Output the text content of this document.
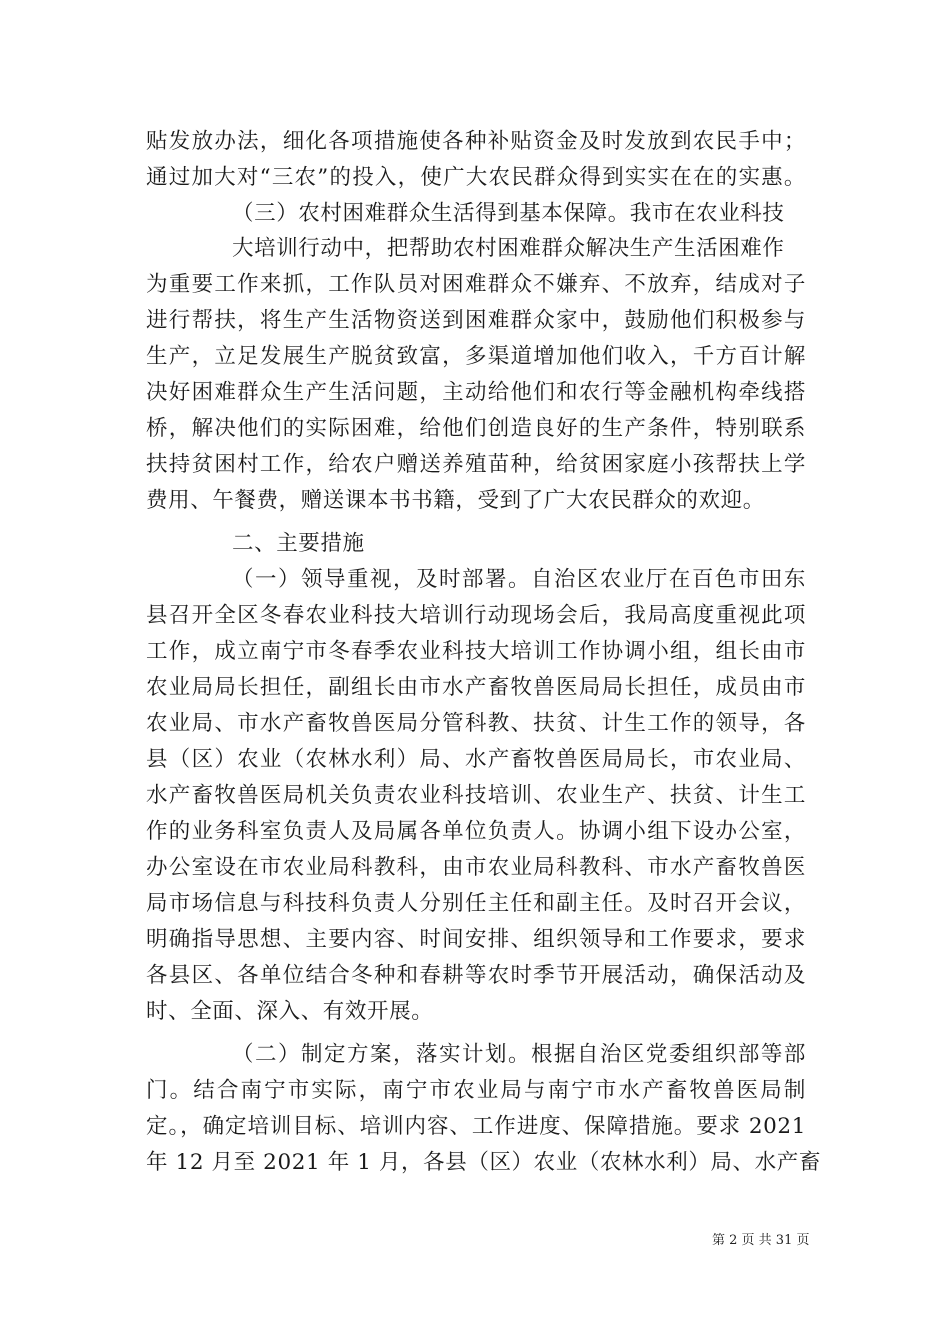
贴发放办法，细化各项措施使各种补贴资金及时发放到农民手中；
通过加大对“三农”的投入，使广大农民群众得到实实在在的实惠。
（三）农村困难群众生活得到基本保障。我市在农业科技
大培训行动中，把帮助农村困难群众解决生产生活困难作
为重要工作来抓，工作队员对困难群众不嫌弃、不放弃，结成对子
进行帮扶，将生产生活物资送到困难群众家中，鼓励他们积极参与
生产，立足发展生产脱贫致富，多渠道增加他们收入，千方百计解
决好困难群众生产生活问题，主动给他们和农行等金融机构牵线搭
桥，解决他们的实际困难，给他们创造良好的生产条件，特别联系
扶持贫困村工作，给农户赠送养殖苗种，给贫困家庭小孩帮扶上学
费用、午餐费，赠送课本书书籍，受到了广大农民群众的欢迎。
二、主要措施
（一）领导重视，及时部署。自治区农业厅在百色市田东
县召开全区冬春农业科技大培训行动现场会后，我局高度重视此项
工作，成立南宁市冬春季农业科技大培训工作协调小组，组长由市
农业局局长担任，副组长由市水产畜牧兽医局局长担任，成员由市
农业局、市水产畜牧兽医局分管科教、扶贫、计生工作的领导，各
县（区）农业（农林水利）局、水产畜牧兽医局局长，市农业局、
水产畜牧兽医局机关负责农业科技培训、农业生产、扶贫、计生工
作的业务科室负责人及局属各单位负责人。协调小组下设办公室，
办公室设在市农业局科教科，由市农业局科教科、市水产畜牧兽医
局市场信息与科技科负责人分别任主任和副主任。及时召开会议，
明确指导思想、主要内容、时间安排、组织领导和工作要求，要求
各县区、各单位结合冬种和春耕等农时季节开展活动，确保活动及
时、全面、深入、有效开展。
（二）制定方案，落实计划。根据自治区党委组织部等部
门。结合南宁市实际，南宁市农业局与南宁市水产畜牧兽医局制
定。，确定培训目标、培训内容、工作进度、保障措施。要求 2021
年 12 月至 2021 年 1 月，各县（区）农业（农林水利）局、水产畜
第 2 页 共 31 页
